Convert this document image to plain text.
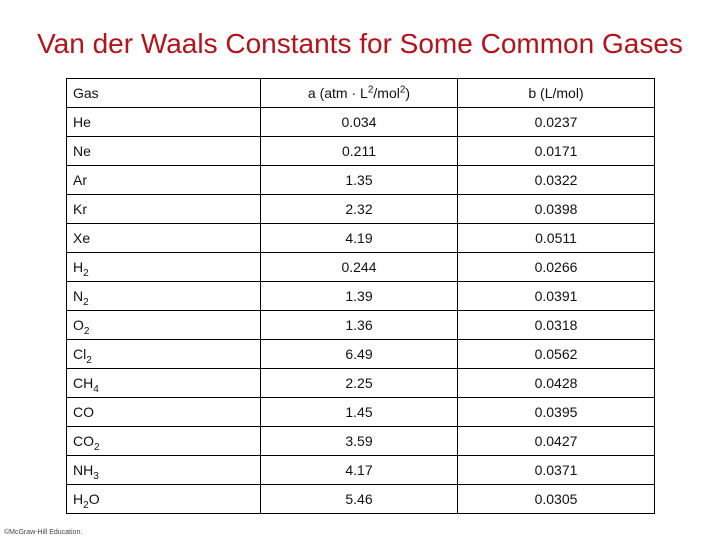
Van der Waals Constants for Some Common Gases
Gas	a $(atm \cdot L^2/mol^2)$	b (L/mol)
He	0.034	0.0237
Ne	0.211	0.0171
Ar	1.35	0.0322
Kr	2.32	0.0398
Xe	4.19	0.0511
$H_2$	0.244	0.0266
$N_2$	1.39	0.0391
$O_2$	1.36	0.0318
$Cl_2$	6.49	0.0562
$CH_4$	2.25	0.0428
CO	1.45	0.0395
$CO_2$	3.59	0.0427
$NH_3$	4.17	0.0371
$H_2O$	5.46	0.0305
©McGraw-Hill Education.
